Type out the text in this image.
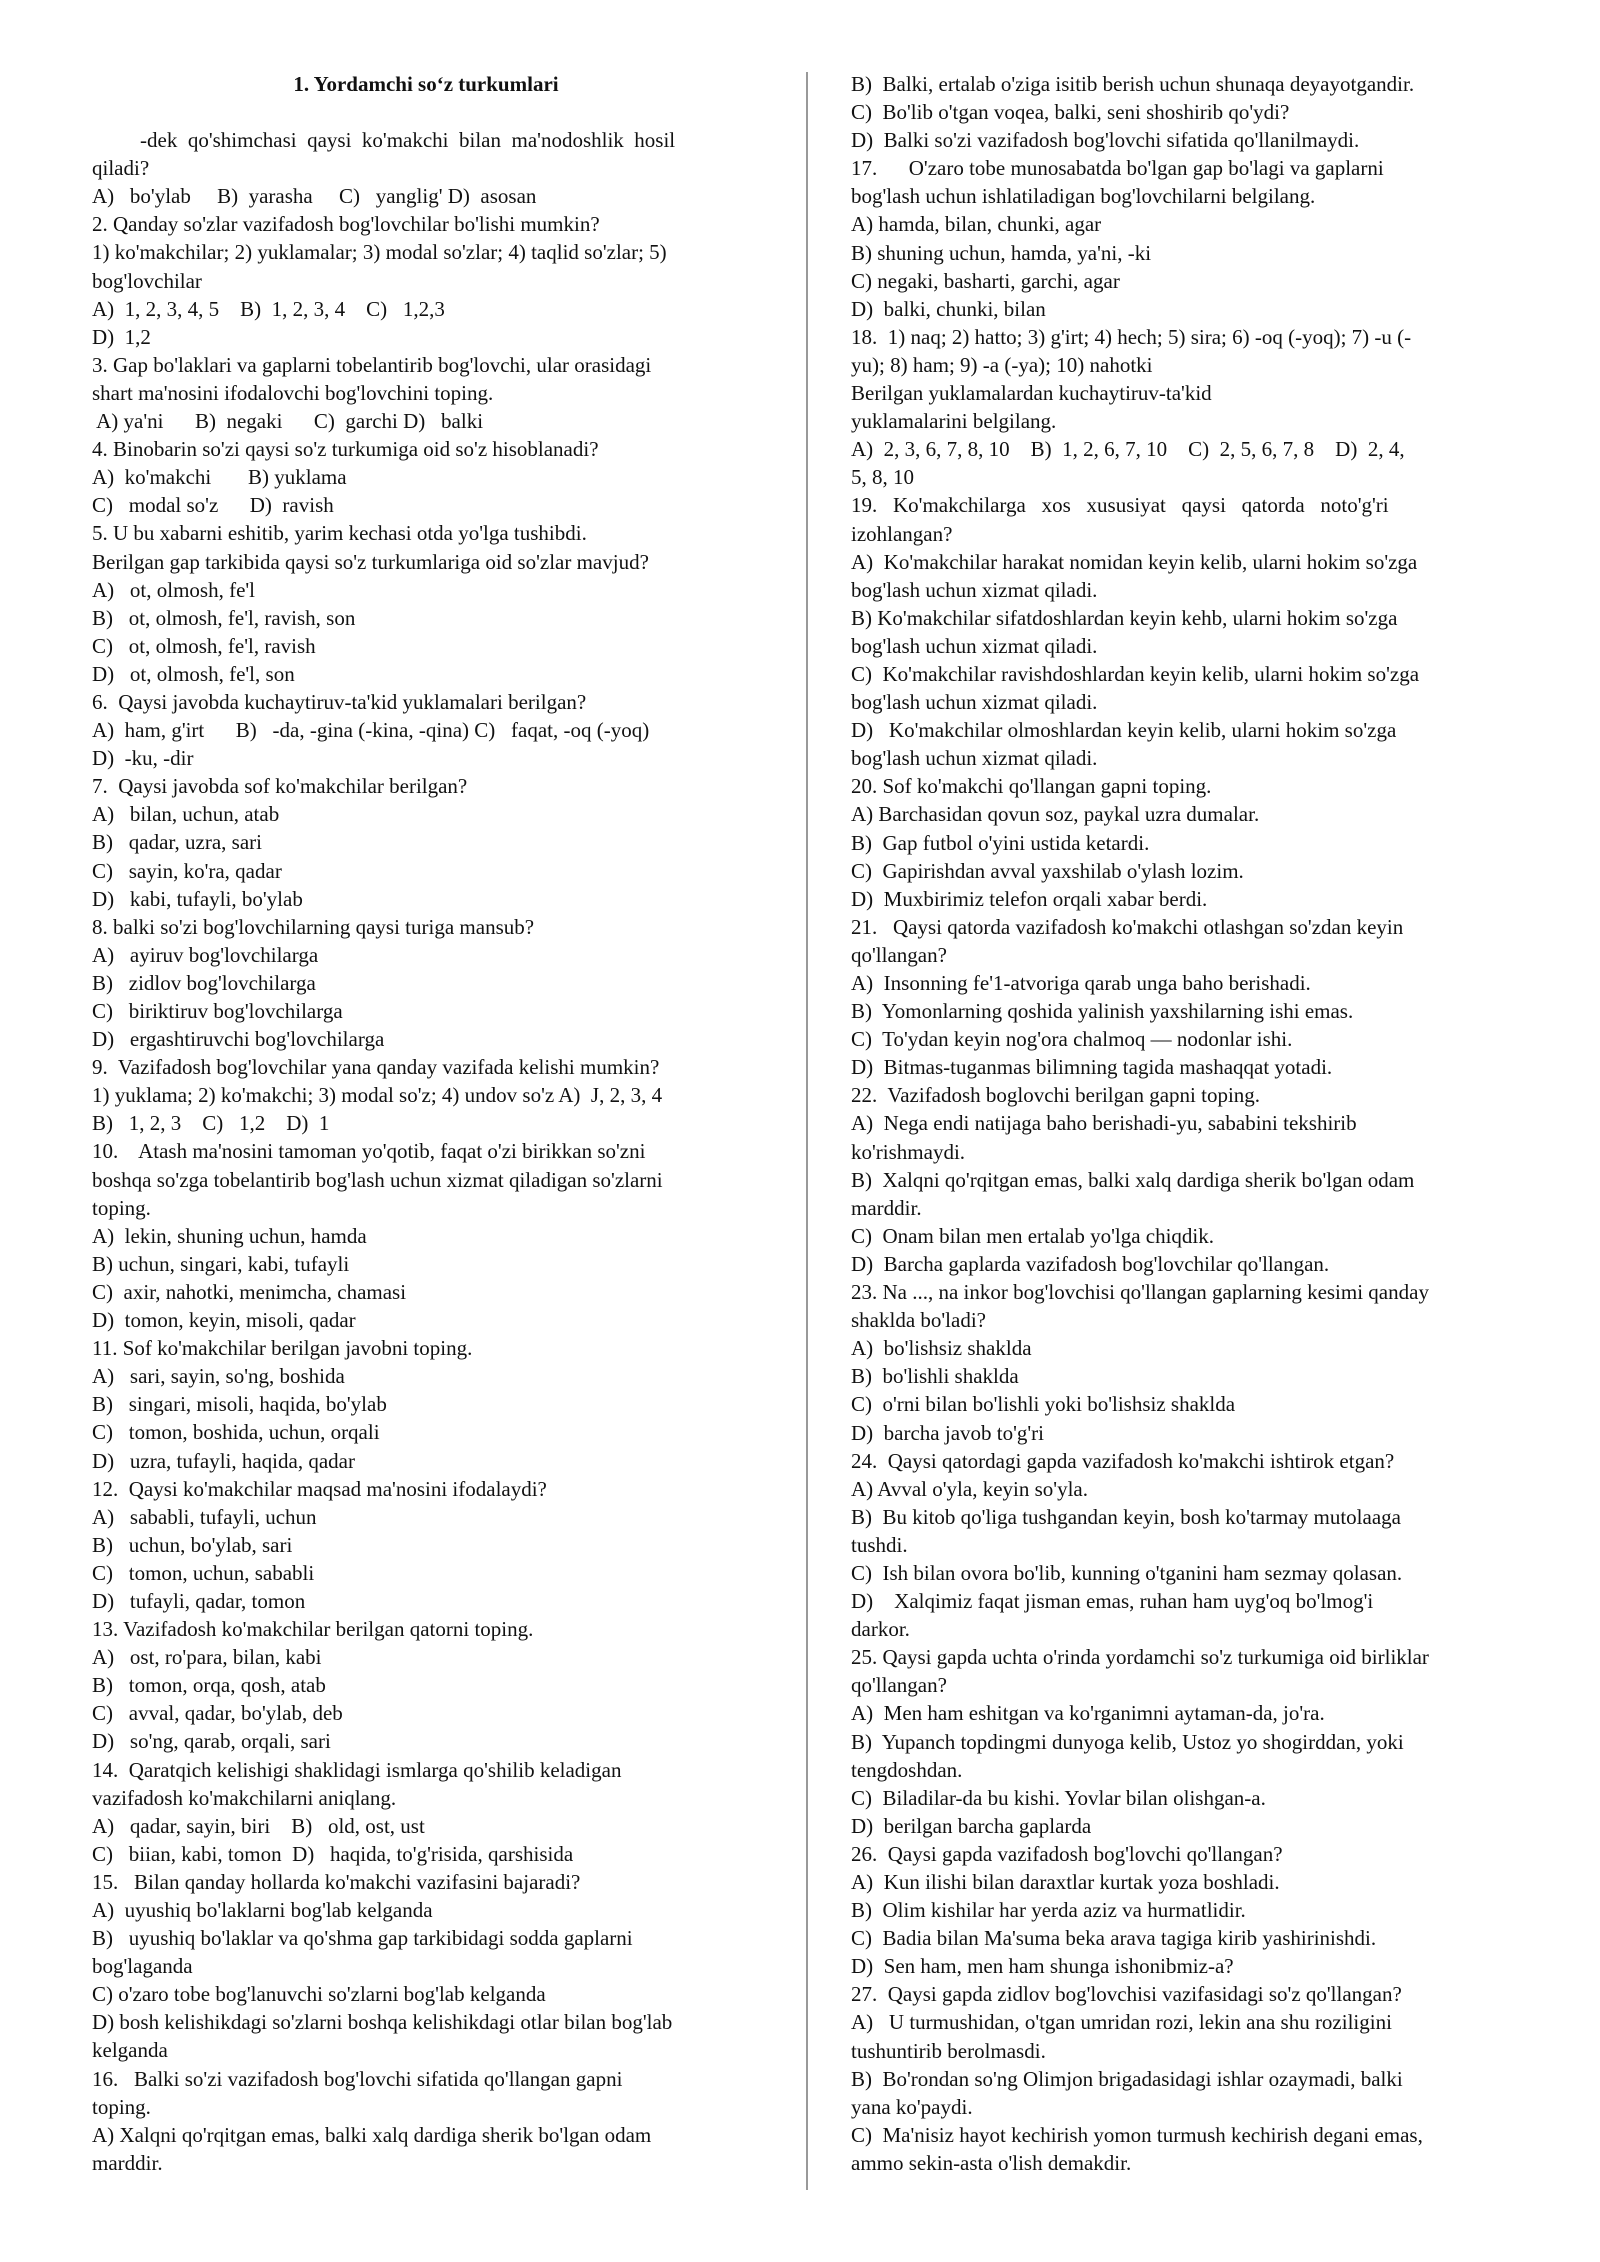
1. Yordamchi so‘z turkumlari
-dek  qo'shimchasi  qaysi  ko'makchi  bilan  ma'nodoshlik  hosil
qiladi?
A)   bo'ylab     B)  yarasha     C)   yanglig' D)  asosan
2. Qanday so'zlar vazifadosh bog'lovchilar bo'lishi mumkin?
1) ko'makchilar; 2) yuklamalar; 3) modal so'zlar; 4) taqlid so'zlar; 5)
bog'lovchilar
A)  1, 2, 3, 4, 5    B)  1, 2, 3, 4    C)   1,2,3
D)  1,2
3. Gap bo'laklari va gaplarni tobelantirib bog'lovchi, ular orasidagi
shart ma'nosini ifodalovchi bog'lovchini toping.
A) ya'ni      B)  negaki      C)  garchi D)   balki
4. Binobarin so'zi qaysi so'z turkumiga oid so'z hisoblanadi?
A)  ko'makchi       B) yuklama
C)   modal so'z      D)  ravish
5. U bu xabarni eshitib, yarim kechasi otda yo'lga tushibdi.
Berilgan gap tarkibida qaysi so'z turkumlariga oid so'zlar mavjud?
A)   ot, olmosh, fe'l
B)   ot, olmosh, fe'l, ravish, son
C)   ot, olmosh, fe'l, ravish
D)   ot, olmosh, fe'l, son
6.  Qaysi javobda kuchaytiruv-ta'kid yuklamalari berilgan?
A)  ham, g'irt      B)   -da, -gina (-kina, -qina) C)   faqat, -oq (-yoq)
D)  -ku, -dir
7.  Qaysi javobda sof ko'makchilar berilgan?
A)   bilan, uchun, atab
B)   qadar, uzra, sari
C)   sayin, ko'ra, qadar
D)   kabi, tufayli, bo'ylab
8. balki so'zi bog'lovchilarning qaysi turiga mansub?
A)   ayiruv bog'lovchilarga
B)   zidlov bog'lovchilarga
C)   biriktiruv bog'lovchilarga
D)   ergashtiruvchi bog'lovchilarga
9.  Vazifadosh bog'lovchilar yana qanday vazifada kelishi mumkin?
1) yuklama; 2) ko'makchi; 3) modal so'z; 4) undov so'z A)  J, 2, 3, 4
B)   1, 2, 3    C)   1,2    D)  1
10.    Atash ma'nosini tamoman yo'qotib, faqat o'zi birikkan so'zni
boshqa so'zga tobelantirib bog'lash uchun xizmat qiladigan so'zlarni
toping.
A)  lekin, shuning uchun, hamda
B) uchun, singari, kabi, tufayli
C)  axir, nahotki, menimcha, chamasi
D)  tomon, keyin, misoli, qadar
11. Sof ko'makchilar berilgan javobni toping.
A)   sari, sayin, so'ng, boshida
B)   singari, misoli, haqida, bo'ylab
C)   tomon, boshida, uchun, orqali
D)   uzra, tufayli, haqida, qadar
12.  Qaysi ko'makchilar maqsad ma'nosini ifodalaydi?
A)   sababli, tufayli, uchun
B)   uchun, bo'ylab, sari
C)   tomon, uchun, sababli
D)   tufayli, qadar, tomon
13. Vazifadosh ko'makchilar berilgan qatorni toping.
A)   ost, ro'para, bilan, kabi
B)   tomon, orqa, qosh, atab
C)   avval, qadar, bo'ylab, deb
D)   so'ng, qarab, orqali, sari
14.  Qaratqich kelishigi shaklidagi ismlarga qo'shilib keladigan
vazifadosh ko'makchilarni aniqlang.
A)   qadar, sayin, biri    B)   old, ost, ust
C)   biian, kabi, tomon  D)   haqida, to'g'risida, qarshisida
15.   Bilan qanday hollarda ko'makchi vazifasini bajaradi?
A)  uyushiq bo'laklarni bog'lab kelganda
B)   uyushiq bo'laklar va qo'shma gap tarkibidagi sodda gaplarni
bog'laganda
C) o'zaro tobe bog'lanuvchi so'zlarni bog'lab kelganda
D) bosh kelishikdagi so'zlarni boshqa kelishikdagi otlar bilan bog'lab
kelganda
16.   Balki so'zi vazifadosh bog'lovchi sifatida qo'llangan gapni
toping.
A) Xalqni qo'rqitgan emas, balki xalq dardiga sherik bo'lgan odam
marddir.
B)  Balki, ertalab o'ziga isitib berish uchun shunaqa deyayotgandir.
C)  Bo'lib o'tgan voqea, balki, seni shoshirib qo'ydi?
D)  Balki so'zi vazifadosh bog'lovchi sifatida qo'llanilmaydi.
17.      O'zaro tobe munosabatda bo'lgan gap bo'lagi va gaplarni
bog'lash uchun ishlatiladigan bog'lovchilarni belgilang.
A) hamda, bilan, chunki, agar
B) shuning uchun, hamda, ya'ni, -ki
C) negaki, basharti, garchi, agar
D)  balki, chunki, bilan
18.  1) naq; 2) hatto; 3) g'irt; 4) hech; 5) sira; 6) -oq (-yoq); 7) -u (-
yu); 8) ham; 9) -a (-ya); 10) nahotki
Berilgan yuklamalardan kuchaytiruv-ta'kid
yuklamalarini belgilang.
A)  2, 3, 6, 7, 8, 10    B)  1, 2, 6, 7, 10    C)  2, 5, 6, 7, 8    D)  2, 4,
5, 8, 10
19.   Ko'makchilarga   xos   xususiyat   qaysi   qatorda   noto'g'ri
izohlangan?
A)  Ko'makchilar harakat nomidan keyin kelib, ularni hokim so'zga
bog'lash uchun xizmat qiladi.
B) Ko'makchilar sifatdoshlardan keyin kehb, ularni hokim so'zga
bog'lash uchun xizmat qiladi.
C)  Ko'makchilar ravishdoshlardan keyin kelib, ularni hokim so'zga
bog'lash uchun xizmat qiladi.
D)   Ko'makchilar olmoshlardan keyin kelib, ularni hokim so'zga
bog'lash uchun xizmat qiladi.
20. Sof ko'makchi qo'llangan gapni toping.
A) Barchasidan qovun soz, paykal uzra dumalar.
B)  Gap futbol o'yini ustida ketardi.
C)  Gapirishdan avval yaxshilab o'ylash lozim.
D)  Muxbirimiz telefon orqali xabar berdi.
21.   Qaysi qatorda vazifadosh ko'makchi otlashgan so'zdan keyin
qo'llangan?
A)  Insonning fe'1-atvoriga qarab unga baho berishadi.
B)  Yomonlarning qoshida yalinish yaxshilarning ishi emas.
C)  To'ydan keyin nog'ora chalmoq — nodonlar ishi.
D)  Bitmas-tuganmas bilimning tagida mashaqqat yotadi.
22.  Vazifadosh boglovchi berilgan gapni toping.
A)  Nega endi natijaga baho berishadi-yu, sababini tekshirib
ko'rishmaydi.
B)  Xalqni qo'rqitgan emas, balki xalq dardiga sherik bo'lgan odam
marddir.
C)  Onam bilan men ertalab yo'lga chiqdik.
D)  Barcha gaplarda vazifadosh bog'lovchilar qo'llangan.
23. Na ..., na inkor bog'lovchisi qo'llangan gaplarning kesimi qanday
shaklda bo'ladi?
A)  bo'lishsiz shaklda
B)  bo'lishli shaklda
C)  o'rni bilan bo'lishli yoki bo'lishsiz shaklda
D)  barcha javob to'g'ri
24.  Qaysi qatordagi gapda vazifadosh ko'makchi ishtirok etgan?
A) Avval o'yla, keyin so'yla.
B)  Bu kitob qo'liga tushgandan keyin, bosh ko'tarmay mutolaaga
tushdi.
C)  Ish bilan ovora bo'lib, kunning o'tganini ham sezmay qolasan.
D)    Xalqimiz faqat jisman emas, ruhan ham uyg'oq bo'lmog'i
darkor.
25. Qaysi gapda uchta o'rinda yordamchi so'z turkumiga oid birliklar
qo'llangan?
A)  Men ham eshitgan va ko'rganimni aytaman-da, jo'ra.
B)  Yupanch topdingmi dunyoga kelib, Ustoz yo shogirddan, yoki
tengdoshdan.
C)  Biladilar-da bu kishi. Yovlar bilan olishgan-a.
D)  berilgan barcha gaplarda
26.  Qaysi gapda vazifadosh bog'lovchi qo'llangan?
A)  Kun ilishi bilan daraxtlar kurtak yoza boshladi.
B)  Olim kishilar har yerda aziz va hurmatlidir.
C)  Badia bilan Ma'suma beka arava tagiga kirib yashirinishdi.
D)  Sen ham, men ham shunga ishonibmiz-a?
27.  Qaysi gapda zidlov bog'lovchisi vazifasidagi so'z qo'llangan?
A)   U turmushidan, o'tgan umridan rozi, lekin ana shu roziligini
tushuntirib berolmasdi.
B)  Bo'rondan so'ng Olimjon brigadasidagi ishlar ozaymadi, balki
yana ko'paydi.
C)  Ma'nisiz hayot kechirish yomon turmush kechirish degani emas,
ammo sekin-asta o'lish demakdir.
